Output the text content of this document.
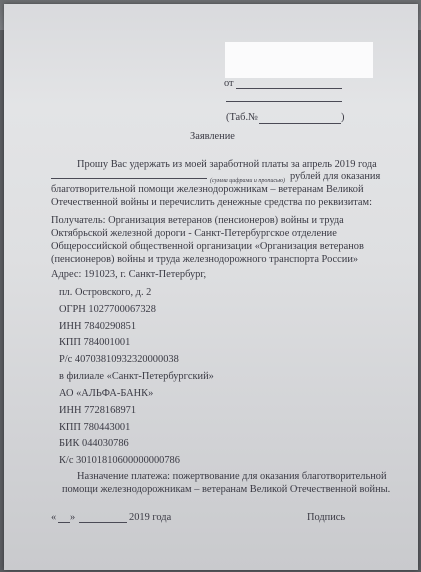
от
(Таб.№	)
Заявление
Прошу Вас удержать из моей заработной платы за апрель 2019 года
(сумма цифрами и прописью) рублей для оказания
благотворительной помощи железнодорожникам – ветеранам Великой
Отечественной войны и перечислить денежные средства по реквизитам:
Получатель: Организация ветеранов (пенсионеров) войны и труда
Октябрьской железной дороги - Санкт-Петербургское отделение
Общероссийской общественной организации «Организация ветеранов
(пенсионеров) войны и труда железнодорожного транспорта России»
Адрес: 191023, г. Санкт-Петербург,
пл. Островского, д. 2
ОГРН 1027700067328
ИНН 7840290851
КПП 784001001
Р/с 40703810932320000038
в филиале «Санкт-Петербургский»
АО «АЛЬФА-БАНК»
ИНН 7728168971
КПП 780443001
БИК 044030786
К/с 30101810600000000786
Назначение платежа: пожертвование для оказания благотворительной
помощи железнодорожникам – ветеранам Великой Отечественной войны.
« »	2019 года	Подпись
